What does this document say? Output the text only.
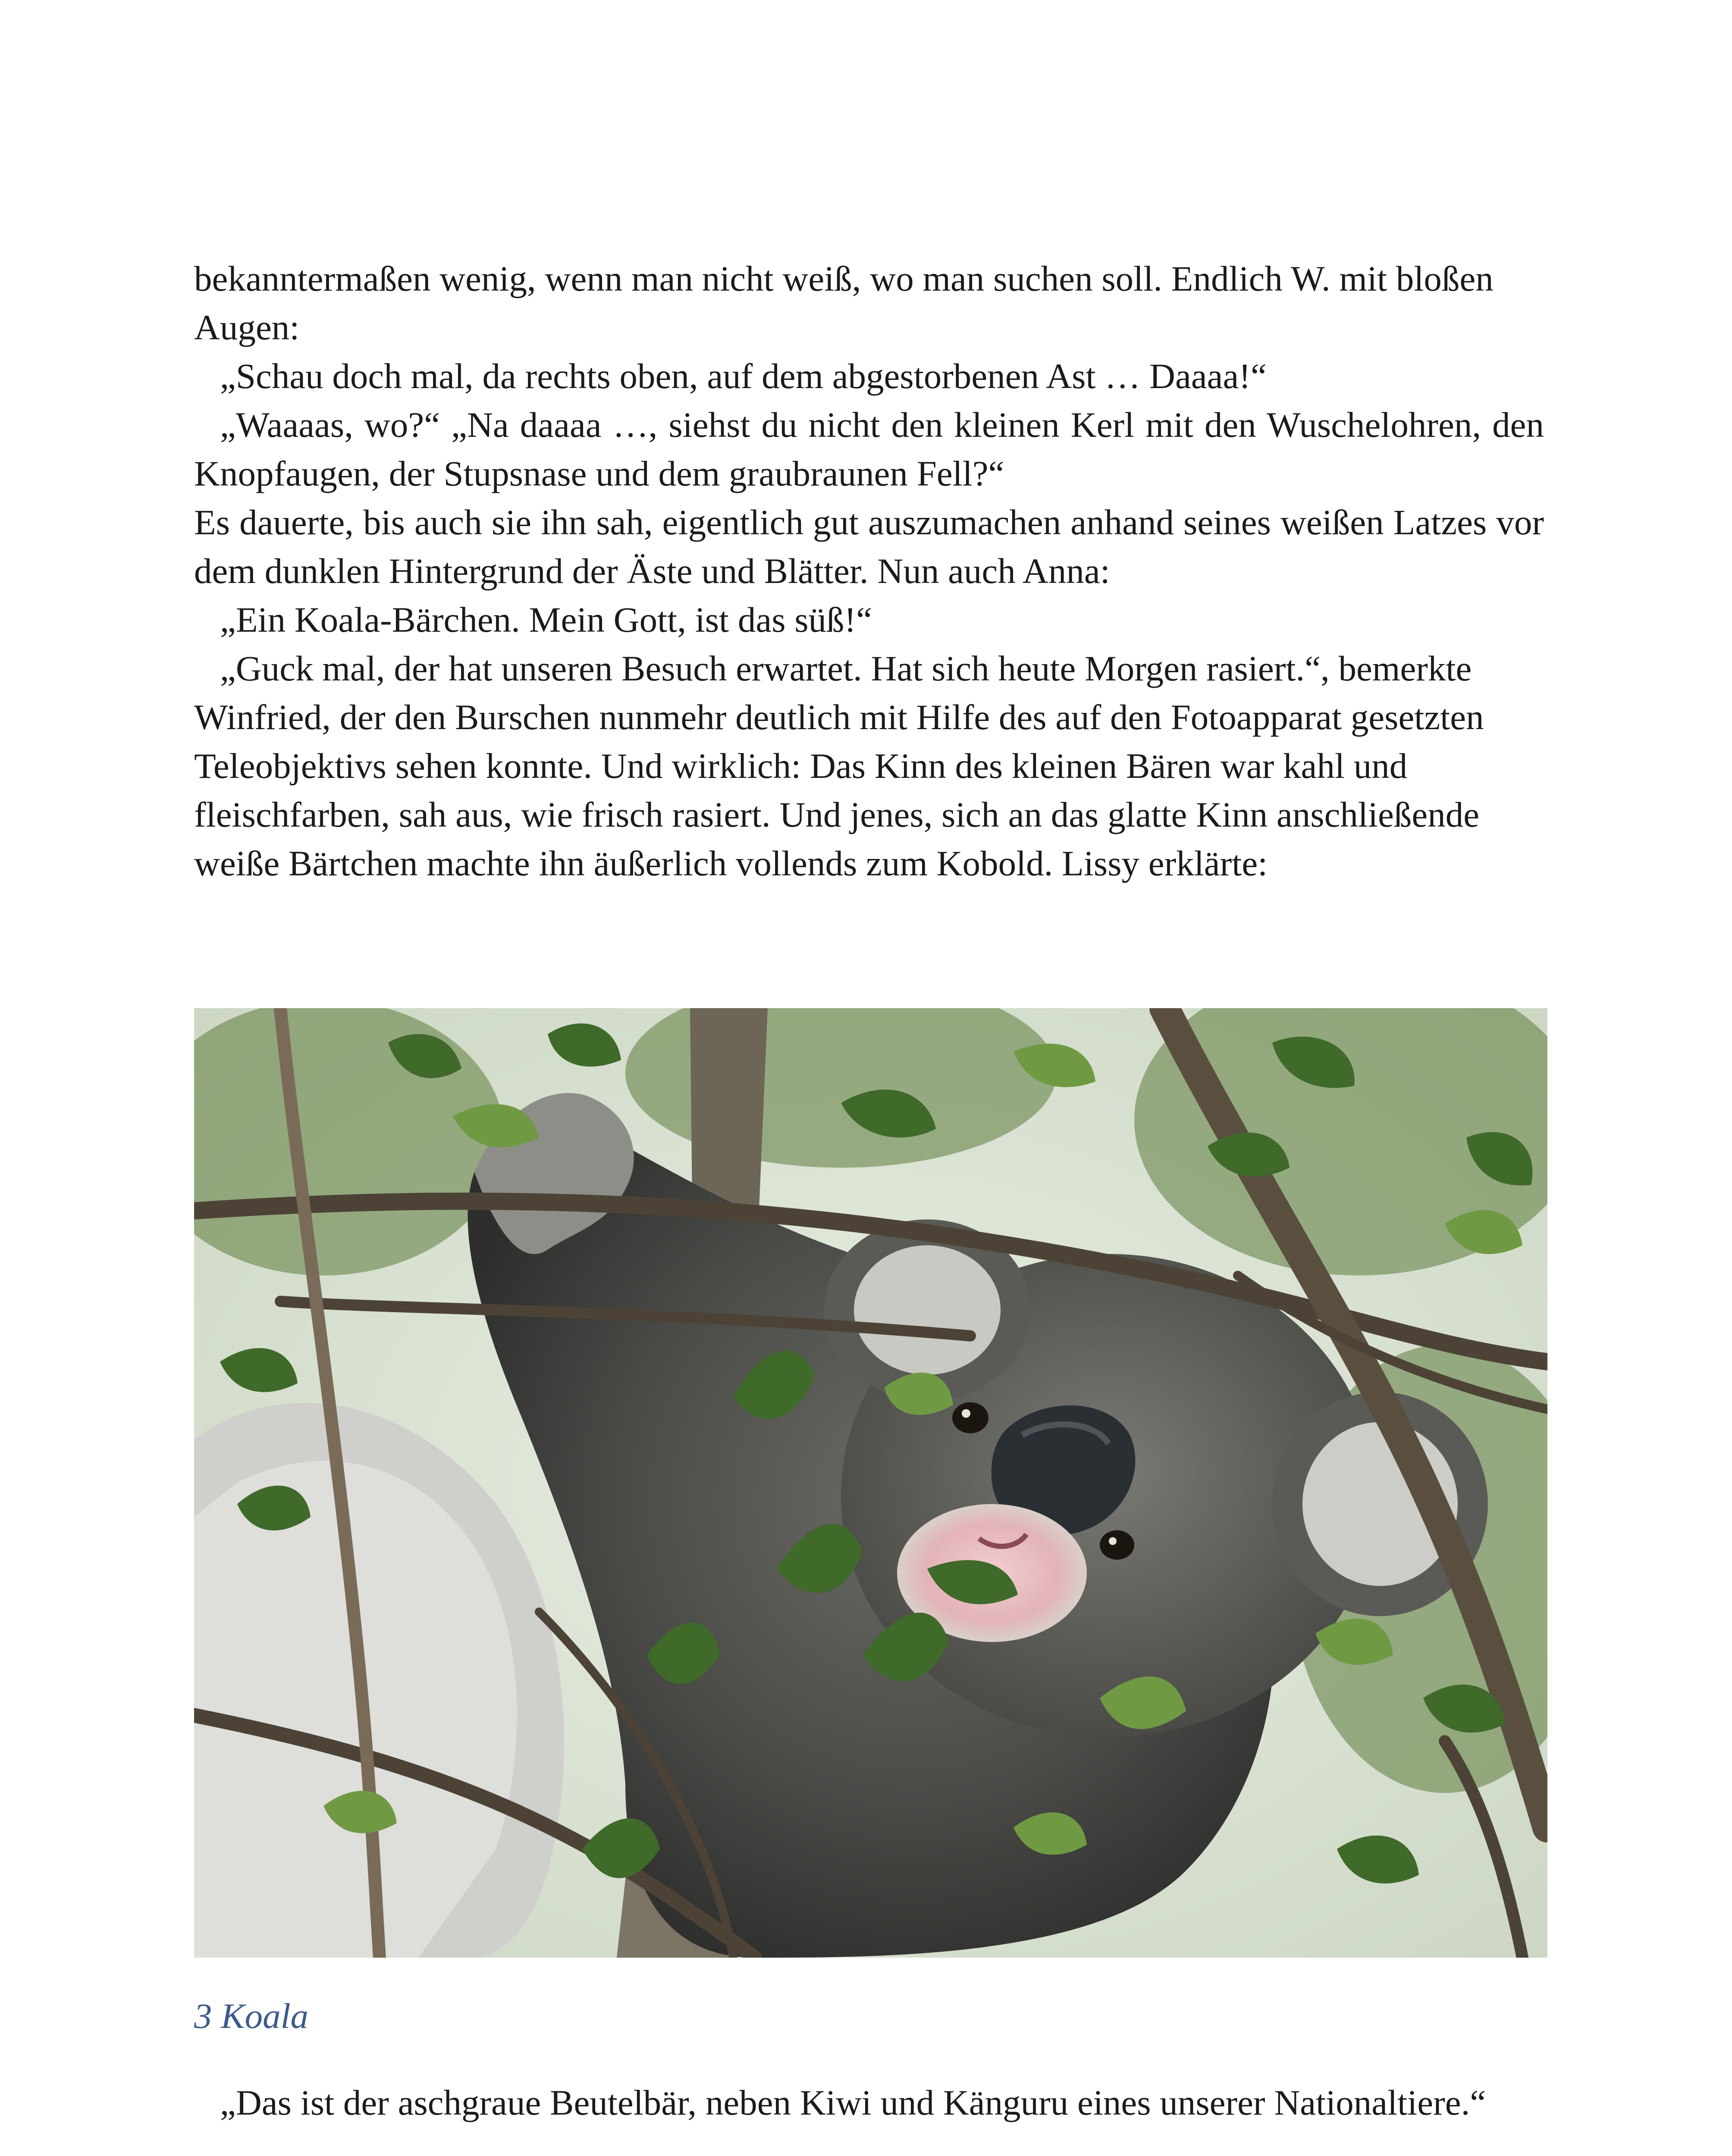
bekanntermaßen wenig, wenn man nicht weiß, wo man suchen soll. Endlich W. mit bloßen Augen:

„Schau doch mal, da rechts oben, auf dem abgestorbenen Ast … Daaaa!“

„Waaaas, wo?“ „Na daaaa …, siehst du nicht den kleinen Kerl mit den Wuschelohren, den Knopfaugen, der Stupsnase und dem graubraunen Fell?“

Es dauerte, bis auch sie ihn sah, eigentlich gut auszumachen anhand seines weißen Latzes vor dem dunklen Hintergrund der Äste und Blätter. Nun auch Anna:

„Ein Koala-Bärchen. Mein Gott, ist das süß!“

„Guck mal, der hat unseren Besuch erwartet. Hat sich heute Morgen rasiert.“, bemerkte Winfried, der den Burschen nunmehr deutlich mit Hilfe des auf den Fotoapparat gesetzten Teleobjektivs sehen konnte. Und wirklich: Das Kinn des kleinen Bären war kahl und fleischfarben, sah aus, wie frisch rasiert. Und jenes, sich an das glatte Kinn anschließende weiße Bärtchen machte ihn äußerlich vollends zum Kobold. Lissy erklärte:

3 Koala

„Das ist der aschgraue Beutelbär, neben Kiwi und Känguru eines unserer Nationaltiere.“
